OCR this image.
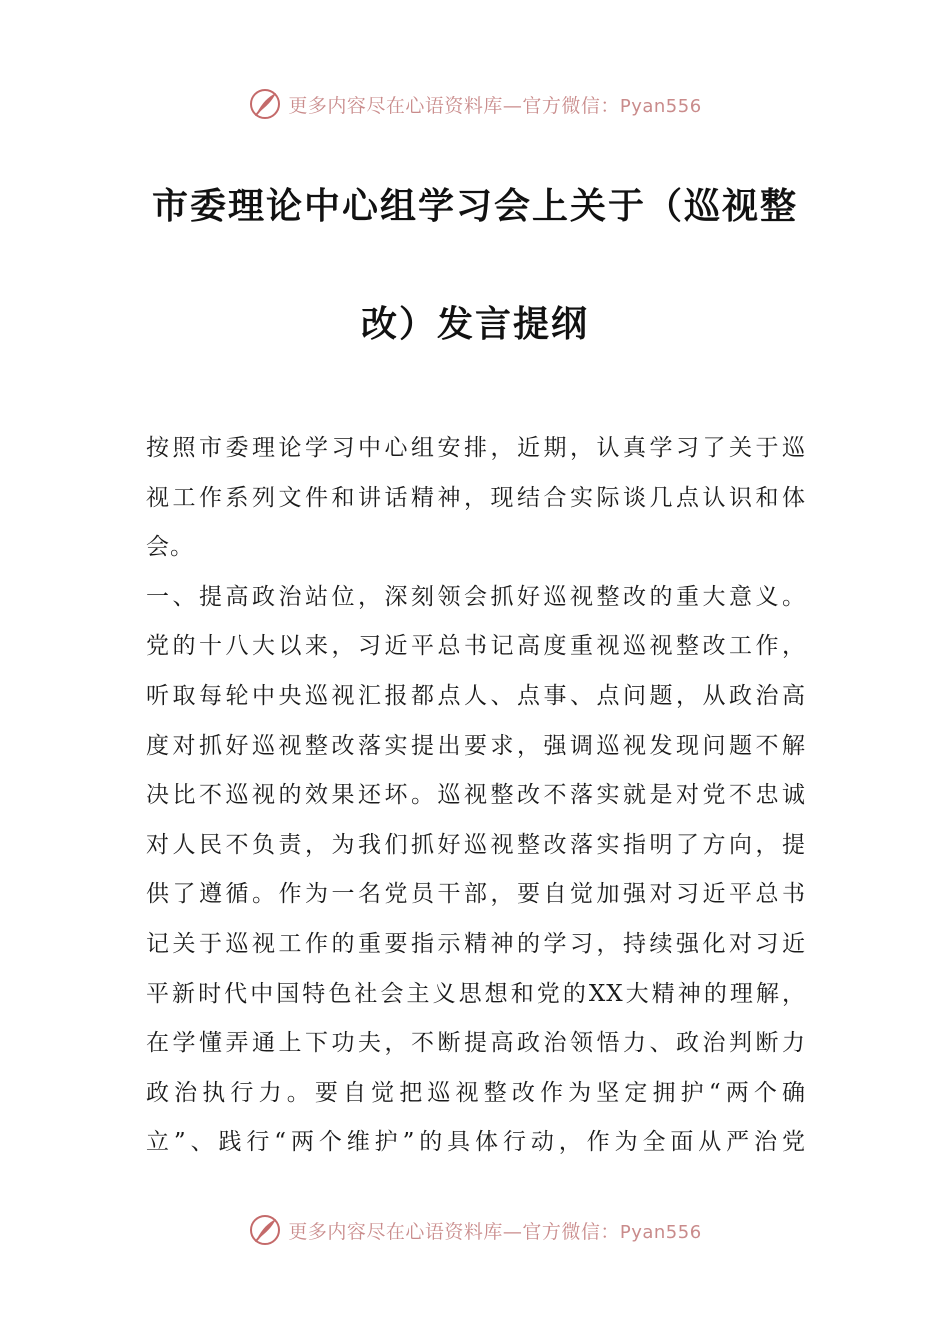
更多内容尽在心语资料库—官方微信：Pyan556
市委理论中心组学习会上关于（巡视整
改）发言提纲
按照市委理论学习中心组安排，近期，认真学习了关于巡
视工作系列文件和讲话精神，现结合实际谈几点认识和体
会。
一、提高政治站位，深刻领会抓好巡视整改的重大意义。
党的十八大以来，习近平总书记高度重视巡视整改工作，
听取每轮中央巡视汇报都点人、点事、点问题，从政治高
度对抓好巡视整改落实提出要求，强调巡视发现问题不解
决比不巡视的效果还坏。巡视整改不落实就是对党不忠诚
对人民不负责，为我们抓好巡视整改落实指明了方向，提
供了遵循。作为一名党员干部，要自觉加强对习近平总书
记关于巡视工作的重要指示精神的学习，持续强化对习近
平新时代中国特色社会主义思想和党的XX大精神的理解，
在学懂弄通上下功夫，不断提高政治领悟力、政治判断力
政治执行力。要自觉把巡视整改作为坚定拥护“两个确
立”、践行“两个维护”的具体行动，作为全面从严治党
更多内容尽在心语资料库—官方微信：Pyan556
